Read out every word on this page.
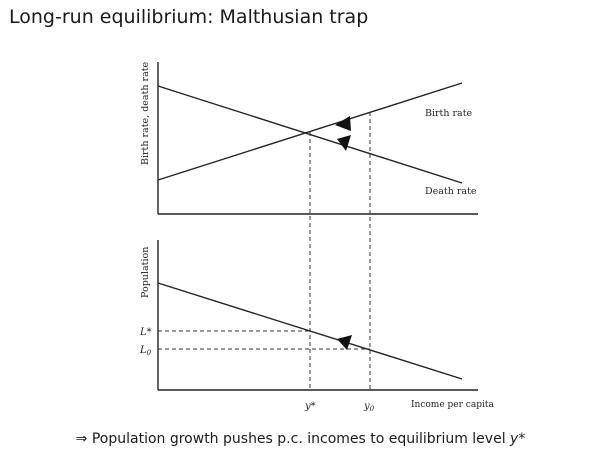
Long-run equilibrium: Malthusian trap
Birth rate
Death rate
Birth rate, death rate
Population
L*
$L_0$
y*	$y_0$	Income per capita
⇒ Population growth pushes p.c. incomes to equilibrium level y*
